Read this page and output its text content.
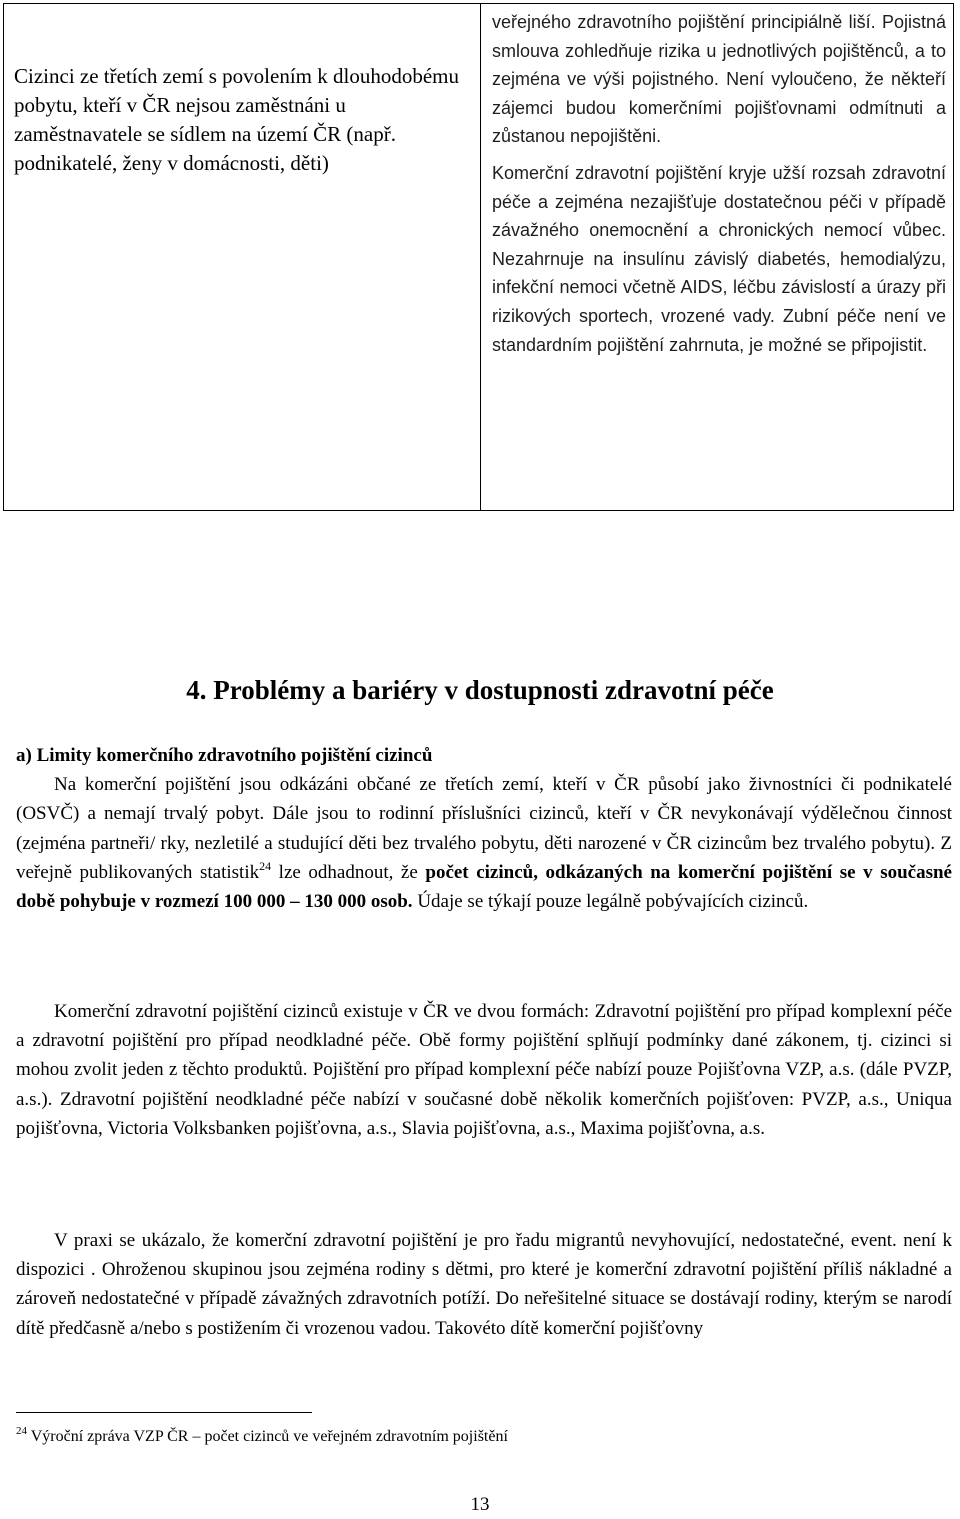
Cizinci ze třetích zemí s povolením k dlouhodobému pobytu, kteří v ČR nejsou zaměstnáni u zaměstnavatele se sídlem na území ČR (např. podnikatelé, ženy v domácnosti, děti)

veřejného zdravotního pojištění principiálně liší. Pojistná smlouva zohledňuje rizika u jednotlivých pojištěnců, a to zejména ve výši pojistného. Není vyloučeno, že někteří zájemci budou komerčními pojišťovnami odmítnuti a zůstanou nepojištěni.

Komerční zdravotní pojištění kryje užší rozsah zdravotní péče a zejména nezajišťuje dostatečnou péči v případě závažného onemocnění a chronických nemocí vůbec. Nezahrnuje na insulínu závislý diabetés, hemodialýzu, infekční nemoci včetně AIDS, léčbu závislostí a úrazy při rizikových sportech, vrozené vady. Zubní péče není ve standardním pojištění zahrnuta, je možné se připojistit.

4. Problémy a bariéry v dostupnosti zdravotní péče

a) Limity komerčního zdravotního pojištění cizinců

Na komerční pojištění jsou odkázáni občané ze třetích zemí, kteří v ČR působí jako živnostníci či podnikatelé (OSVČ) a nemají trvalý pobyt. Dále jsou to rodinní příslušníci cizinců, kteří v ČR nevykonávají výdělečnou činnost (zejména partneři/ rky, nezletilé a studující děti bez trvalého pobytu, děti narozené v ČR cizincům bez trvalého pobytu). Z veřejně publikovaných statistik$^{24}$ lze odhadnout, že počet cizinců, odkázaných na komerční pojištění se v současné době pohybuje v rozmezí 100 000 – 130 000 osob. Údaje se týkají pouze legálně pobývajících cizinců.

Komerční zdravotní pojištění cizinců existuje v ČR ve dvou formách: Zdravotní pojištění pro případ komplexní péče a zdravotní pojištění pro případ neodkladné péče. Obě formy pojištění splňují podmínky dané zákonem, tj. cizinci si mohou zvolit jeden z těchto produktů. Pojištění pro případ komplexní péče nabízí pouze Pojišťovna VZP, a.s. (dále PVZP, a.s.). Zdravotní pojištění neodkladné péče nabízí v současné době několik komerčních pojišťoven: PVZP, a.s., Uniqua pojišťovna, Victoria Volksbanken pojišťovna, a.s., Slavia pojišťovna, a.s., Maxima pojišťovna, a.s.

V praxi se ukázalo, že komerční zdravotní pojištění je pro řadu migrantů nevyhovující, nedostatečné, event. není k dispozici . Ohroženou skupinou jsou zejména rodiny s dětmi, pro které je komerční zdravotní pojištění příliš nákladné a zároveň nedostatečné v případě závažných zdravotních potíží. Do neřešitelné situace se dostávají rodiny, kterým se narodí dítě předčasně a/nebo s postižením či vrozenou vadou. Takovéto dítě komerční pojišťovny

$^{24}$ Výroční zpráva VZP ČR – počet cizinců ve veřejném zdravotním pojištění
13
